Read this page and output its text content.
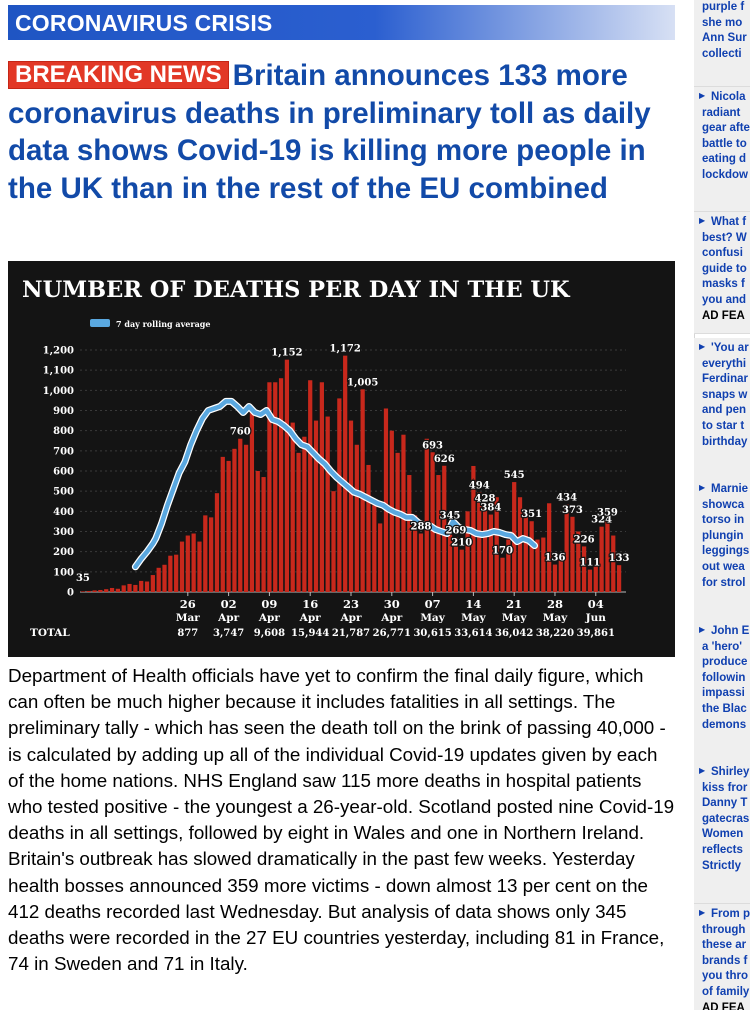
CORONAVIRUS CRISIS
BREAKING NEWS Britain announces 133 more coronavirus deaths in preliminary toll as daily data shows Covid-19 is killing more people in the UK than in the rest of the EU combined
NUMBER OF DEATHS PER DAY IN THE UK
7 day rolling average
0
100
200
300
400
500
600
700
800
900
1,000
1,100
1,200
35
760
1,152	1,172
1,005
288
693
626
345
269
210
494
428
384
170
545
351
136
434
373
226
111
324
359
133
26
Mar
02
Apr
09
Apr
16
Apr
23
Apr
30
Apr
07
May
14
May
21
May
28
May
04
Jun
877 3,747 9,608 15,944 21,787 26,771 30,615 33,614 36,042 38,220 39,861
TOTAL

Department of Health officials have yet to confirm the final daily figure, which can often be much higher because it includes fatalities in all settings. The preliminary tally - which has seen the death toll on the brink of passing 40,000 - is calculated by adding up all of the individual Covid-19 updates given by each of the home nations. NHS England saw 115 more deaths in hospital patients who tested positive - the youngest a 26-year-old. Scotland posted nine Covid-19 deaths in all settings, followed by eight in Wales and one in Northern Ireland. Britain's outbreak has slowed dramatically in the past few weeks. Yesterday health bosses announced 359 more victims - down almost 13 per cent on the 412 deaths recorded last Wednesday. But analysis of data shows only 345 deaths were recorded in the 27 EU countries yesterday, including 81 in France, 74 in Sweden and 71 in Italy.

purple f
she mo
Ann Sur
collecti
▶ Nicola
radiant
gear afte
battle to
eating d
lockdow
▶ What f
best? W
confusi
guide to
masks f
you and
AD FEA
▶ 'You ar
everythi
Ferdinar
snaps w
and pen
to star t
birthday
▶ Marnie
showca
torso in
plungin
leggings
out wea
for strol
▶ John E
a 'hero'
produce
followin
impassi
the Blac
demons
▶ Shirley
kiss fror
Danny T
gatecras
Women
reflects
Strictly
▶ From p
through
these ar
brands f
you thro
of family
AD FEA
